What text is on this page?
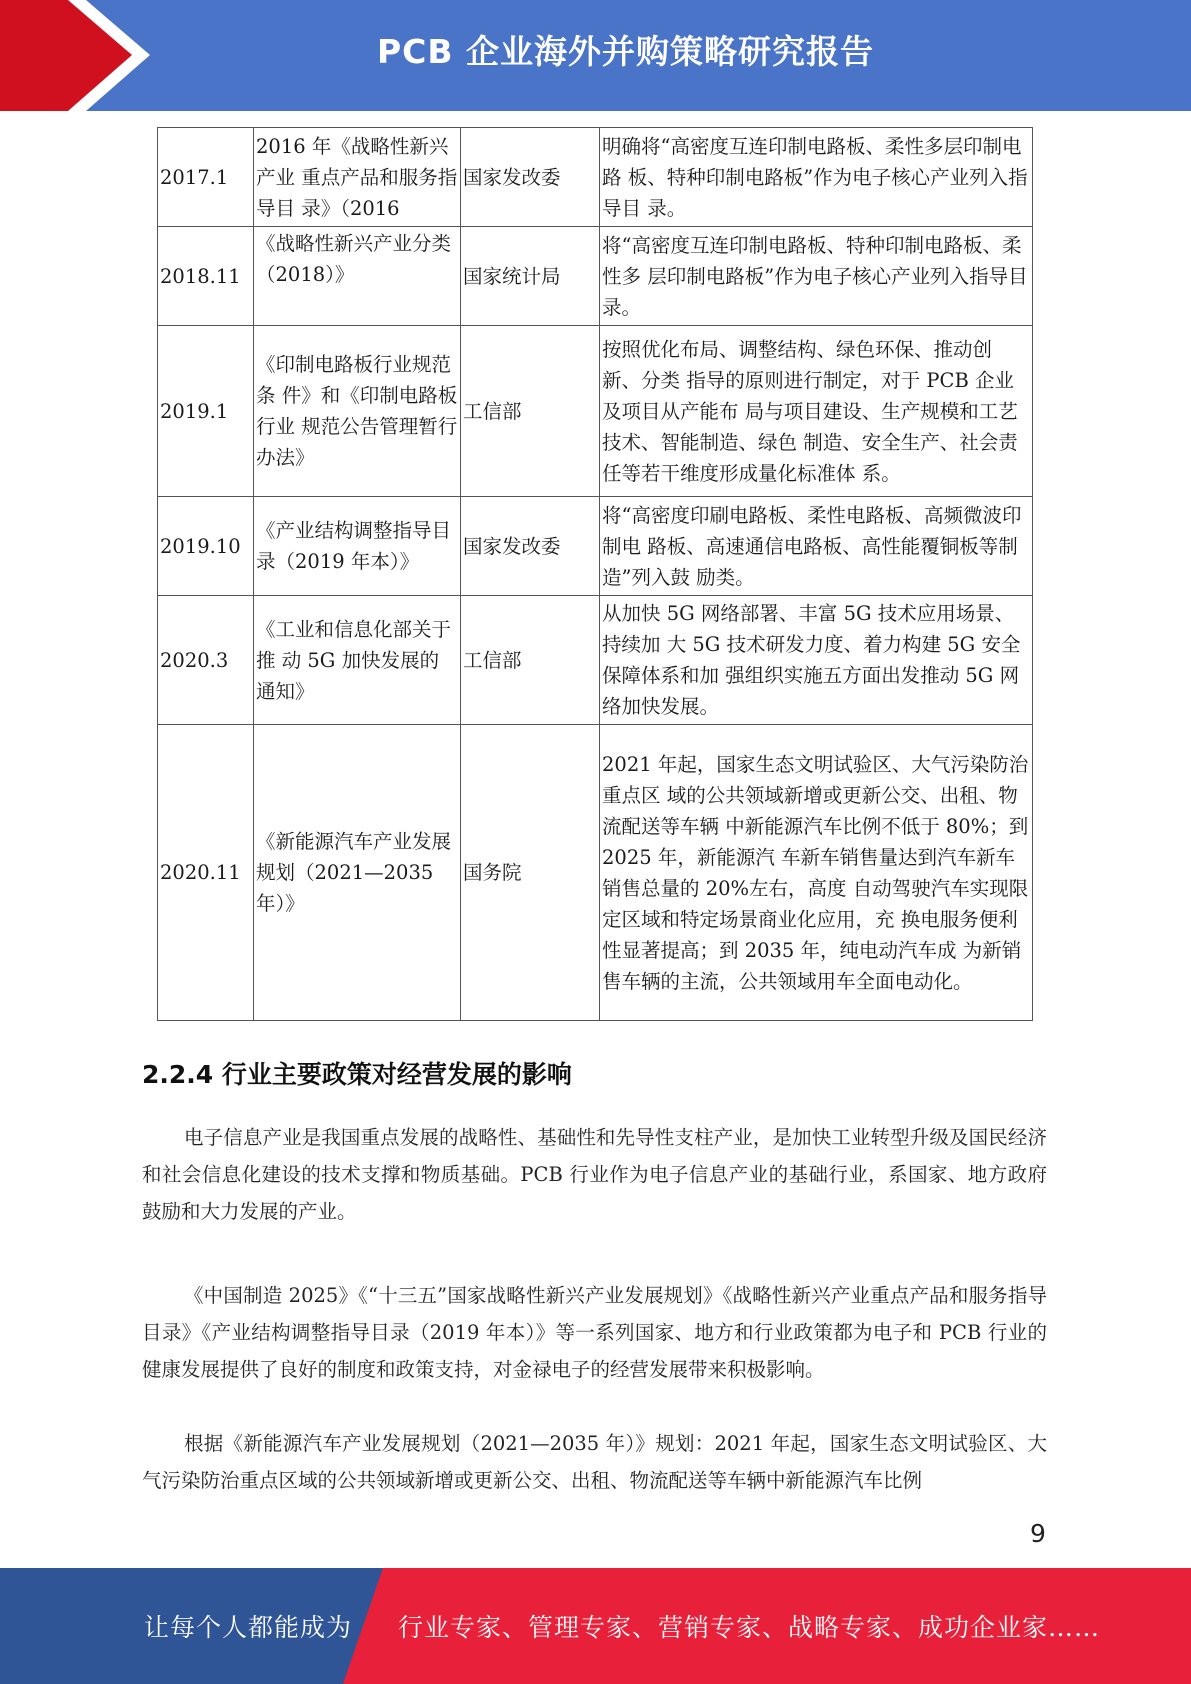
PCB 企业海外并购策略研究报告
2017.1	2016 年《战略性新兴产业 重点产品和服务指导目 录》（2016	国家发改委	明确将“高密度互连印制电路板、柔性多层印制电路 板、特种印制电路板”作为电子核心产业列入指导目 录。
2018.11	《战略性新兴产业分类（2018）》	国家统计局	将“高密度互连印制电路板、特种印制电路板、柔性多 层印制电路板”作为电子核心产业列入指导目录。
2019.1	《印制电路板行业规范条 件》和《印制电路板行业 规范公告管理暂行办法》	工信部	按照优化布局、调整结构、绿色环保、推动创新、分类 指导的原则进行制定，对于 PCB 企业及项目从产能布 局与项目建设、生产规模和工艺技术、智能制造、绿色 制造、安全生产、社会责任等若干维度形成量化标准体 系。
2019.10	《产业结构调整指导目录（2019 年本）》	国家发改委	将“高密度印刷电路板、柔性电路板、高频微波印制电 路板、高速通信电路板、高性能覆铜板等制造”列入鼓 励类。
2020.3	《工业和信息化部关于推 动 5G 加快发展的通知》	工信部	从加快 5G 网络部署、丰富 5G 技术应用场景、持续加 大 5G 技术研发力度、着力构建 5G 安全保障体系和加 强组织实施五方面出发推动 5G 网络加快发展。
2020.11	《新能源汽车产业发展规划（2021—2035 年）》	国务院	2021 年起，国家生态文明试验区、大气污染防治重点区 域的公共领域新增或更新公交、出租、物流配送等车辆 中新能源汽车比例不低于 80%；到 2025 年，新能源汽 车新车销售量达到汽车新车销售总量的 20%左右，高度 自动驾驶汽车实现限定区域和特定场景商业化应用，充 换电服务便利性显著提高；到 2035 年，纯电动汽车成 为新销售车辆的主流，公共领域用车全面电动化。
2.2.4 行业主要政策对经营发展的影响

电子信息产业是我国重点发展的战略性、基础性和先导性支柱产业，是加快工业转型升级及国民经济和社会信息化建设的技术支撑和物质基础。PCB 行业作为电子信息产业的基础行业，系国家、地方政府鼓励和大力发展的产业。

《中国制造 2025》《“十三五”国家战略性新兴产业发展规划》《战略性新兴产业重点产品和服务指导目录》《产业结构调整指导目录（2019 年本）》等一系列国家、地方和行业政策都为电子和 PCB 行业的健康发展提供了良好的制度和政策支持，对金禄电子的经营发展带来积极影响。

根据《新能源汽车产业发展规划（2021—2035 年）》规划：2021 年起，国家生态文明试验区、大气污染防治重点区域的公共领域新增或更新公交、出租、物流配送等车辆中新能源汽车比例

9
让每个人都能成为 行业专家、管理专家、营销专家、战略专家、成功企业家……
